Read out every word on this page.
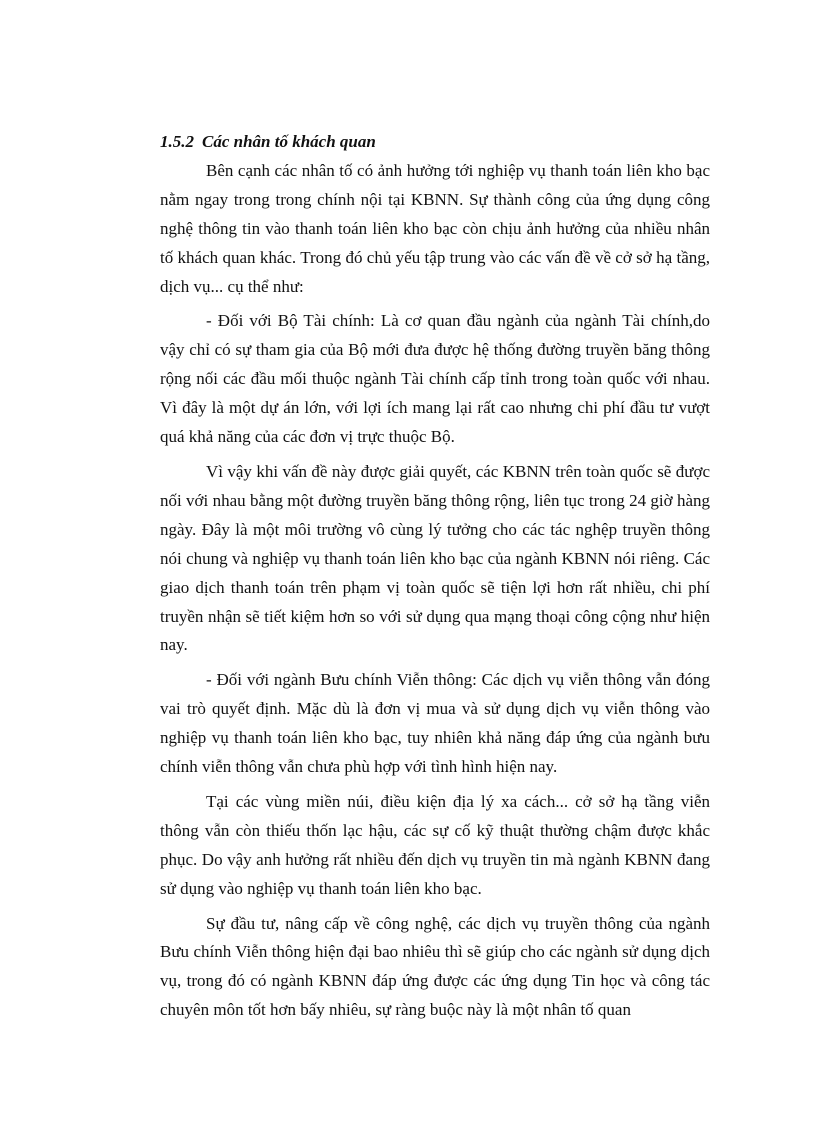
1.5.2 Các nhân tố khách quan

Bên cạnh các nhân tố có ảnh hưởng tới nghiệp vụ thanh toán liên kho bạc nằm ngay trong trong chính nội tại KBNN. Sự thành công của ứng dụng công nghệ thông tin vào thanh toán liên kho bạc còn chịu ảnh hưởng của nhiều nhân tố khách quan khác. Trong đó chủ yếu tập trung vào các vấn đề về cở sở hạ tầng, dịch vụ... cụ thể như:

- Đối với Bộ Tài chính: Là cơ quan đầu ngành của ngành Tài chính,do vậy chỉ có sự tham gia của Bộ mới đưa được hệ thống đường truyền băng thông rộng nối các đầu mối thuộc ngành Tài chính cấp tỉnh trong toàn quốc với nhau. Vì đây là một dự án lớn, với lợi ích mang lại rất cao nhưng chi phí đầu tư vượt quá khả năng của các đơn vị trực thuộc Bộ.

Vì vậy khi vấn đề này được giải quyết, các KBNN trên toàn quốc sẽ được nối với nhau bằng một đường truyền băng thông rộng, liên tục trong 24 giờ hàng ngày. Đây là một môi trường vô cùng lý tưởng cho các tác nghệp truyền thông nói chung và nghiệp vụ thanh toán liên kho bạc của ngành KBNN nói riêng. Các giao dịch thanh toán trên phạm vị toàn quốc sẽ tiện lợi hơn rất nhiều, chi phí truyền nhận sẽ tiết kiệm hơn so với sử dụng qua mạng thoại công cộng như hiện nay.

- Đối với ngành Bưu chính Viễn thông: Các dịch vụ viễn thông vẫn đóng vai trò quyết định. Mặc dù là đơn vị mua và sử dụng dịch vụ viễn thông vào nghiệp vụ thanh toán liên kho bạc, tuy nhiên khả năng đáp ứng của ngành bưu chính viễn thông vẫn chưa phù hợp với tình hình hiện nay.

Tại các vùng miền núi, điều kiện địa lý xa cách... cở sở hạ tầng viễn thông vẫn còn thiếu thốn lạc hậu, các sự cố kỹ thuật thường chậm được khắc phục. Do vậy anh hưởng rất nhiều đến dịch vụ truyền tin mà ngành KBNN đang sử dụng vào nghiệp vụ thanh toán liên kho bạc.

Sự đầu tư, nâng cấp về công nghệ, các dịch vụ truyền thông của ngành Bưu chính Viễn thông hiện đại bao nhiêu thì sẽ giúp cho các ngành sử dụng dịch vụ, trong đó có ngành KBNN đáp ứng được các ứng dụng Tin học và công tác chuyên môn tốt hơn bấy nhiêu, sự ràng buộc này là một nhân tố quan
